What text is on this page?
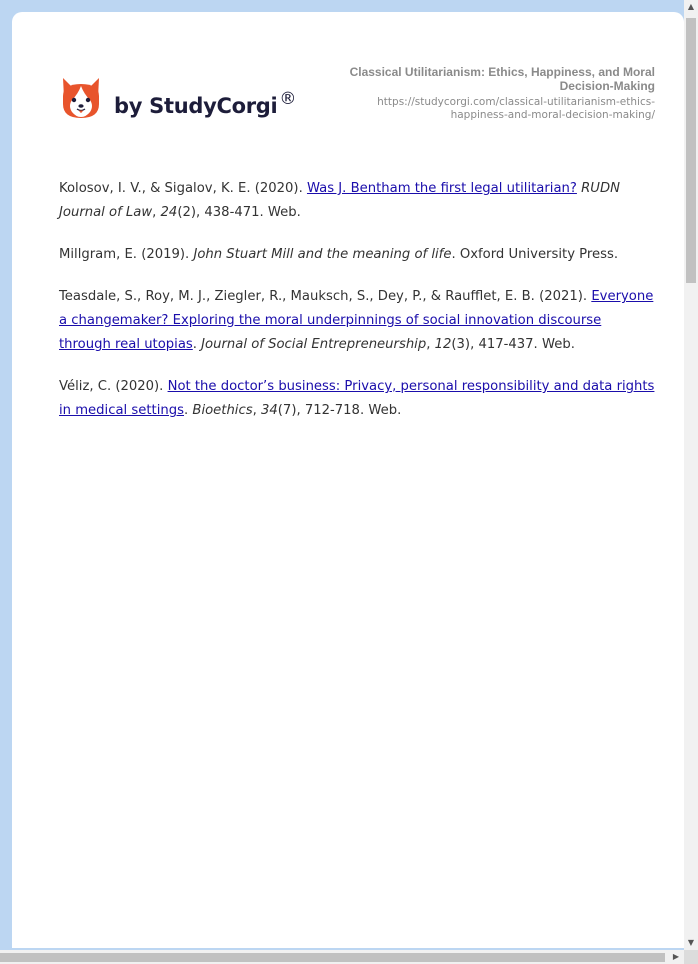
by StudyCorgi ®
Classical Utilitarianism: Ethics, Happiness, and Moral Decision-Making
https://studycorgi.com/classical-utilitarianism-ethics-happiness-and-moral-decision-making/

Kolosov, I. V., & Sigalov, K. E. (2020). Was J. Bentham the first legal utilitarian? RUDN Journal of Law, 24(2), 438-471. Web.

Millgram, E. (2019). John Stuart Mill and the meaning of life. Oxford University Press.

Teasdale, S., Roy, M. J., Ziegler, R., Mauksch, S., Dey, P., & Raufflet, E. B. (2021). Everyone a changemaker? Exploring the moral underpinnings of social innovation discourse through real utopias. Journal of Social Entrepreneurship, 12(3), 417-437. Web.

Véliz, C. (2020). Not the doctor’s business: Privacy, personal responsibility and data rights in medical settings. Bioethics, 34(7), 712-718. Web.

▲
▼
▶
